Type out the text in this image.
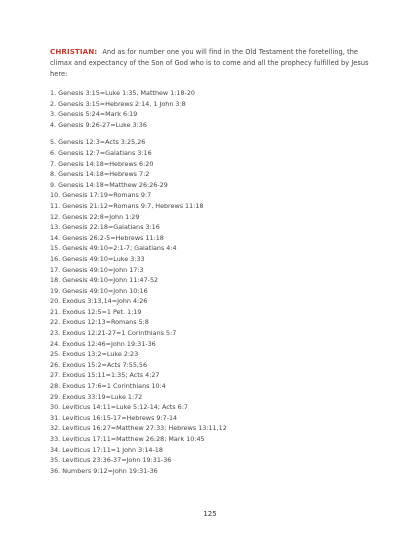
CHRISTIAN: And as for number one you will find in the Old Testament the foretelling, the climax and expectancy of the Son of God who is to come and all the prophecy fulfilled by Jesus here:

1. Genesis 3:15=Luke 1:35, Matthew 1:18-20
2. Genesis 3:15=Hebrews 2:14, 1 John 3:8
3. Genesis 5:24=Mark 6:19
4. Genesis 9:26-27=Luke 3:36
5. Genesis 12:3=Acts 3:25,26
6. Genesis 12:7=Galatians 3:16
7. Genesis 14:18=Hebrews 6:20
8. Genesis 14:18=Hebrews 7:2
9. Genesis 14:18=Matthew 26:26-29
10. Genesis 17:19=Romans 9:7
11. Genesis 21:12=Romans 9:7, Hebrews 11:18
12. Genesis 22:8=John 1:29
13. Genesis 22:18=Galatians 3:16
14. Genesis 26:2-5=Hebrews 11:18
15. Genesis 49:10=2:1-7; Galatians 4:4
16. Genesis 49:10=Luke 3:33
17. Genesis 49:10=John 17:3
18. Genesis 49:10=John 11:47-52
19. Genesis 49:10=John 10:16
20. Exodus 3:13,14=John 4:26
21. Exodus 12:5=1 Pet. 1:19
22. Exodus 12:13=Romans 5:8
23. Exodus 12:21-27=1 Corinthians 5:7
24. Exodus 12:46=John 19:31-36
25. Exodus 13:2=Luke 2:23
26. Exodus 15:2=Acts 7:55,56
27. Exodus 15:11=1:35; Acts 4:27
28. Exodus 17:6=1 Corinthians 10:4
29. Exodus 33:19=Luke 1:72
30. Leviticus 14:11=Luke 5:12-14; Acts 6:7
31. Leviticus 16:15-17=Hebrews 9:7-14
32. Leviticus 16:27=Matthew 27:33; Hebrews 13:11,12
33. Leviticus 17:11=Matthew 26:28; Mark 10:45
34. Leviticus 17:11=1 John 3:14-18
35. Leviticus 23:36-37=John 19:31-36
36. Numbers 9:12=John 19:31-36
125
